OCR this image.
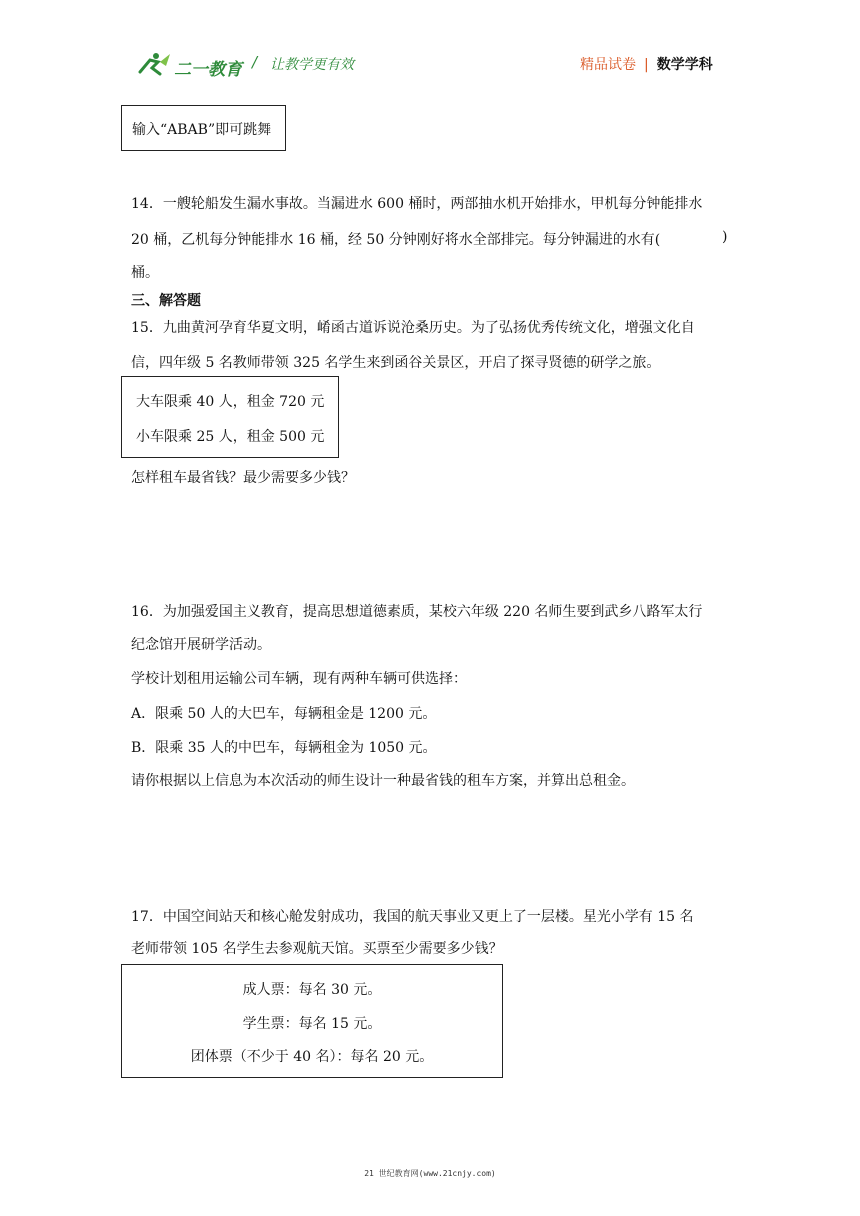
二一教育 / 让教学更有效	精品试卷 | 数学学科
输入“ABAB”即可跳舞
14．一艘轮船发生漏水事故。当漏进水 600 桶时，两部抽水机开始排水，甲机每分钟能排水
20 桶，乙机每分钟能排水 16 桶，经 50 分钟刚好将水全部排完。每分钟漏进的水有(	)
桶。
三、解答题
15．九曲黄河孕育华夏文明，崤函古道诉说沧桑历史。为了弘扬优秀传统文化，增强文化自
信，四年级 5 名教师带领 325 名学生来到函谷关景区，开启了探寻贤德的研学之旅。
大车限乘 40 人，租金 720 元
小车限乘 25 人，租金 500 元
怎样租车最省钱？最少需要多少钱？
16．为加强爱国主义教育，提高思想道德素质，某校六年级 220 名师生要到武乡八路军太行
纪念馆开展研学活动。
学校计划租用运输公司车辆，现有两种车辆可供选择：
A．限乘 50 人的大巴车，每辆租金是 1200 元。
B．限乘 35 人的中巴车，每辆租金为 1050 元。
请你根据以上信息为本次活动的师生设计一种最省钱的租车方案，并算出总租金。
17．中国空间站天和核心舱发射成功，我国的航天事业又更上了一层楼。星光小学有 15 名
老师带领 105 名学生去参观航天馆。买票至少需要多少钱？
成人票：每名 30 元。
学生票：每名 15 元。
团体票（不少于 40 名）：每名 20 元。
21 世纪教育网(www.21cnjy.com)
